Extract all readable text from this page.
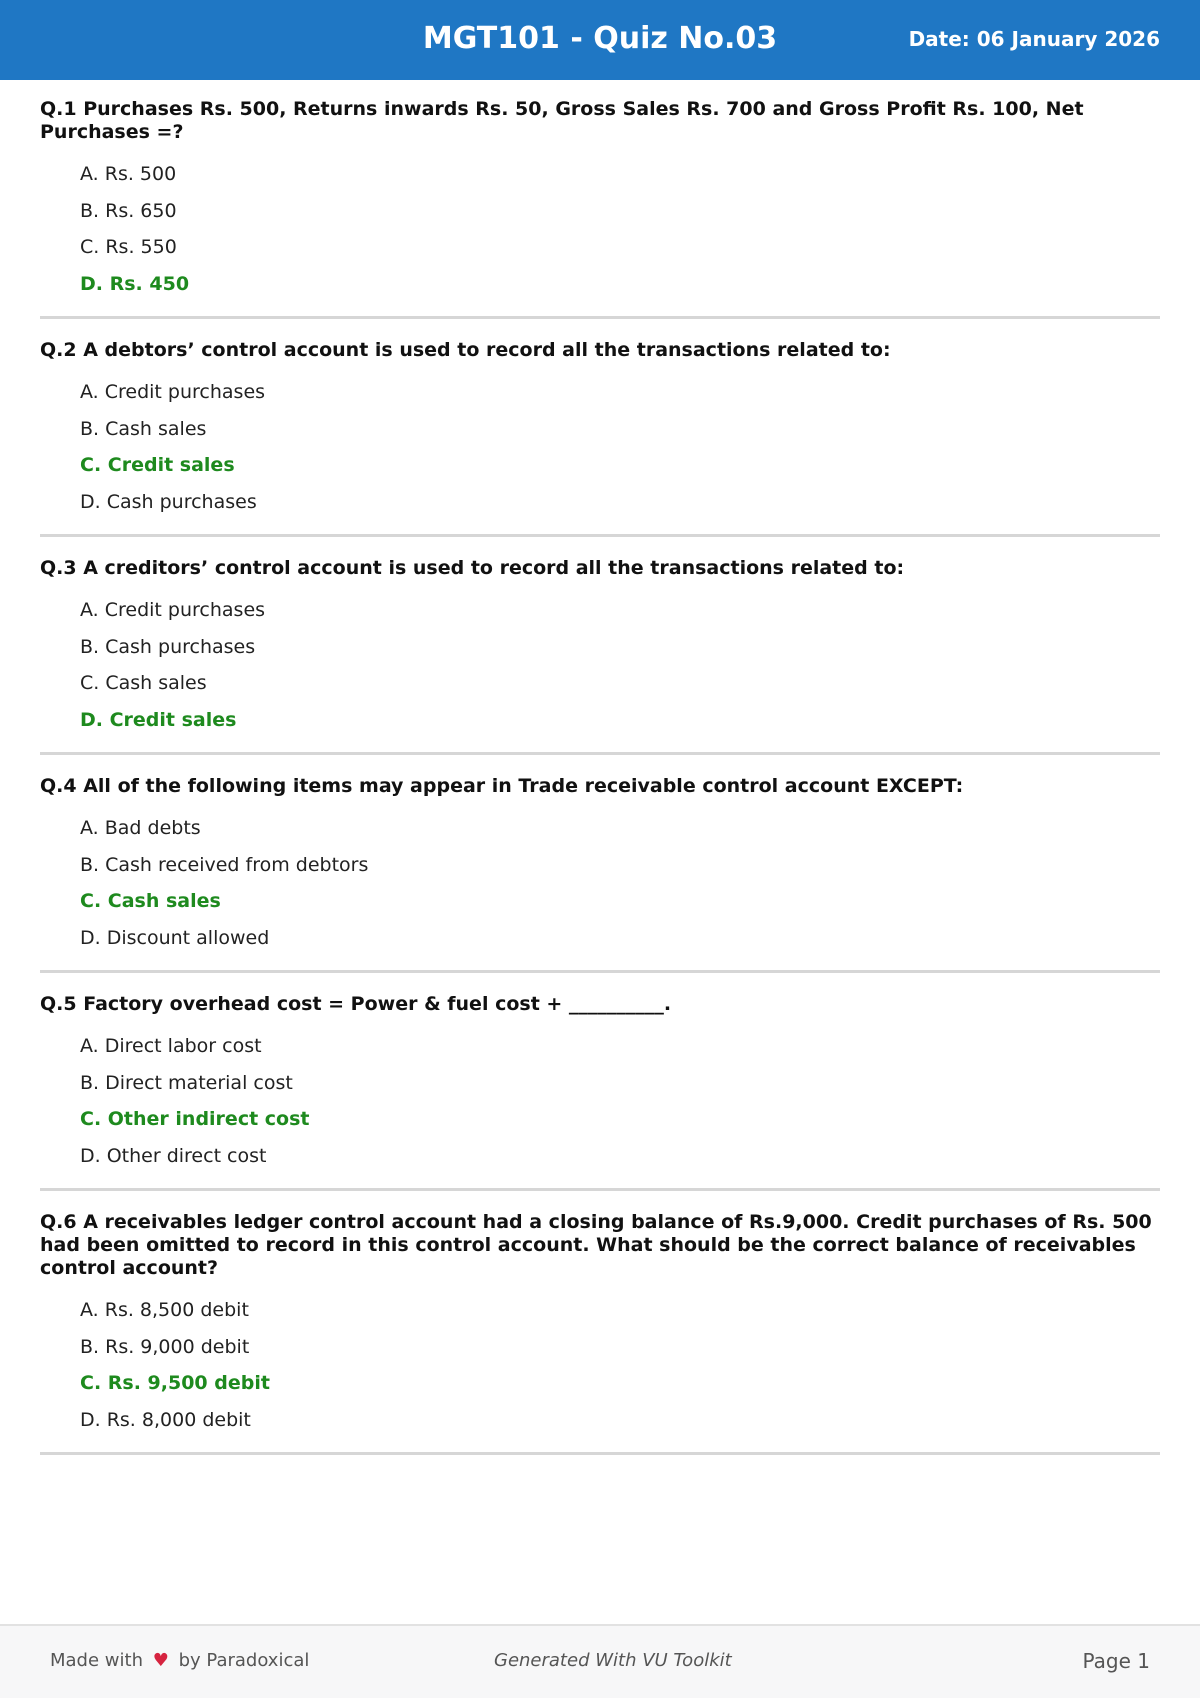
MGT101 - Quiz No.03	Date: 06 January 2026
Q.1 Purchases Rs. 500, Returns inwards Rs. 50, Gross Sales Rs. 700 and Gross Profit Rs. 100, Net Purchases =?
A. Rs. 500
B. Rs. 650
C. Rs. 550
D. Rs. 450
Q.2 A debtors’ control account is used to record all the transactions related to:
A. Credit purchases
B. Cash sales
C. Credit sales
D. Cash purchases
Q.3 A creditors’ control account is used to record all the transactions related to:
A. Credit purchases
B. Cash purchases
C. Cash sales
D. Credit sales
Q.4 All of the following items may appear in Trade receivable control account EXCEPT:
A. Bad debts
B. Cash received from debtors
C. Cash sales
D. Discount allowed
Q.5 Factory overhead cost = Power & fuel cost + __________.
A. Direct labor cost
B. Direct material cost
C. Other indirect cost
D. Other direct cost
Q.6 A receivables ledger control account had a closing balance of Rs.9,000. Credit purchases of Rs. 500 had been omitted to record in this control account. What should be the correct balance of receivables control account?
A. Rs. 8,500 debit
B. Rs. 9,000 debit
C. Rs. 9,500 debit
D. Rs. 8,000 debit
Made with ♥ by Paradoxical	Generated With VU Toolkit	Page 1
